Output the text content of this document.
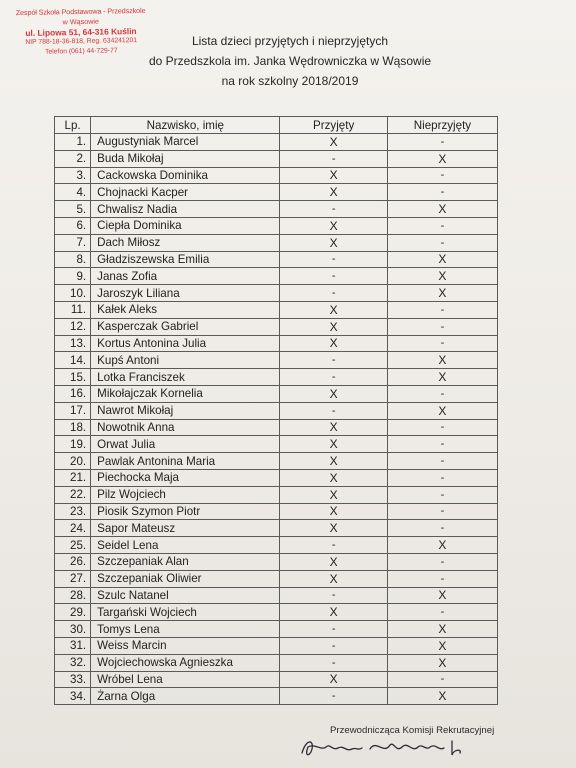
Zespół Szkoła Podstawowa - Przedszkole
w Wąsowie
ul. Lipowa 51, 64-316 Kuślin
NIP 788-18-36-818, Reg. 634241201
Telefon (061) 44-729-77
Lista dzieci przyjętych i nieprzyjętych
do Przedszkola im. Janka Wędrowniczka w Wąsowie
na rok szkolny 2018/2019
Lp.	Nazwisko, imię	Przyjęty	Nieprzyjęty
1.	Augustyniak Marcel	X	-
2.	Buda Mikołaj	-	X
3.	Cackowska Dominika	X	-
4.	Chojnacki Kacper	X	-
5.	Chwalisz Nadia	-	X
6.	Ciepła Dominika	X	-
7.	Dach Miłosz	X	-
8.	Gładziszewska Emilia	-	X
9.	Janas Zofia	-	X
10.	Jaroszyk Liliana	-	X
11.	Kałek Aleks	X	-
12.	Kasperczak Gabriel	X	-
13.	Kortus Antonina Julia	X	-
14.	Kupś Antoni	-	X
15.	Lotka Franciszek	-	X
16.	Mikołajczak Kornelia	X	-
17.	Nawrot Mikołaj	-	X
18.	Nowotnik Anna	X	-
19.	Orwat Julia	X	-
20.	Pawlak Antonina Maria	X	-
21.	Piechocka Maja	X	-
22.	Pilz Wojciech	X	-
23.	Piosik Szymon Piotr	X	-
24.	Sapor Mateusz	X	-
25.	Seidel Lena	-	X
26.	Szczepaniak Alan	X	-
27.	Szczepaniak Oliwier	X	-
28.	Szulc Natanel	-	X
29.	Targański Wojciech	X	-
30.	Tomys Lena	-	X
31.	Weiss Marcin	-	X
32.	Wojciechowska Agnieszka	-	X
33.	Wróbel Lena	X	-
34.	Żarna Olga	-	X
Przewodnicząca Komisji Rekrutacyjnej
